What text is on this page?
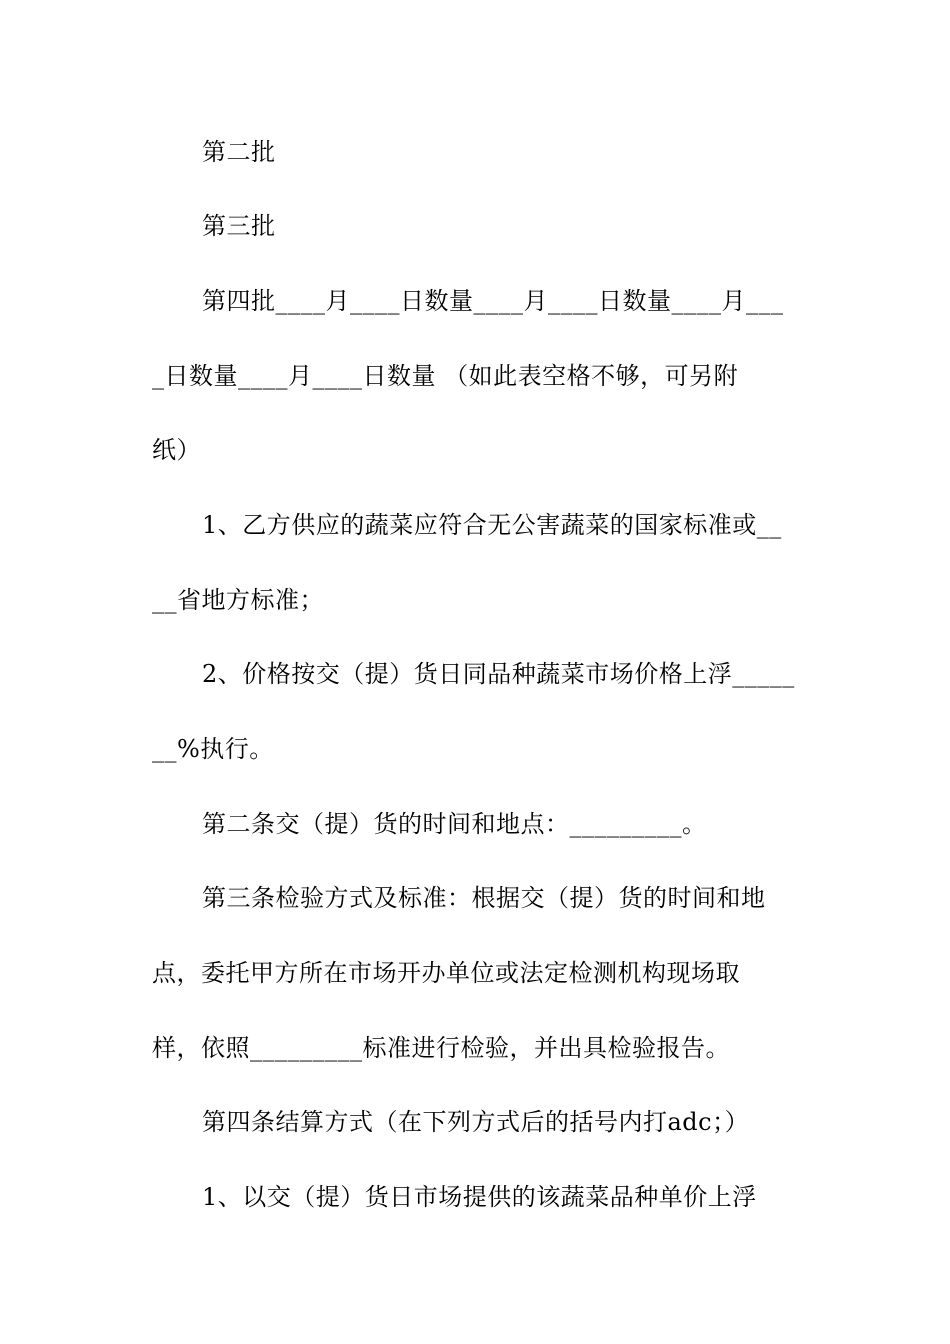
第二批
第三批
第四批____月____日数量____月____日数量____月___
_日数量____月____日数量 （如此表空格不够，可另附
纸）
1、乙方供应的蔬菜应符合无公害蔬菜的国家标准或__
__省地方标准；
2、价格按交（提）货日同品种蔬菜市场价格上浮_____
__%执行。
第二条交（提）货的时间和地点：_________。
第三条检验方式及标准：根据交（提）货的时间和地
点，委托甲方所在市场开办单位或法定检测机构现场取
样，依照_________标准进行检验，并出具检验报告。
第四条结算方式（在下列方式后的括号内打adc；）
1、以交（提）货日市场提供的该蔬菜品种单价上浮
